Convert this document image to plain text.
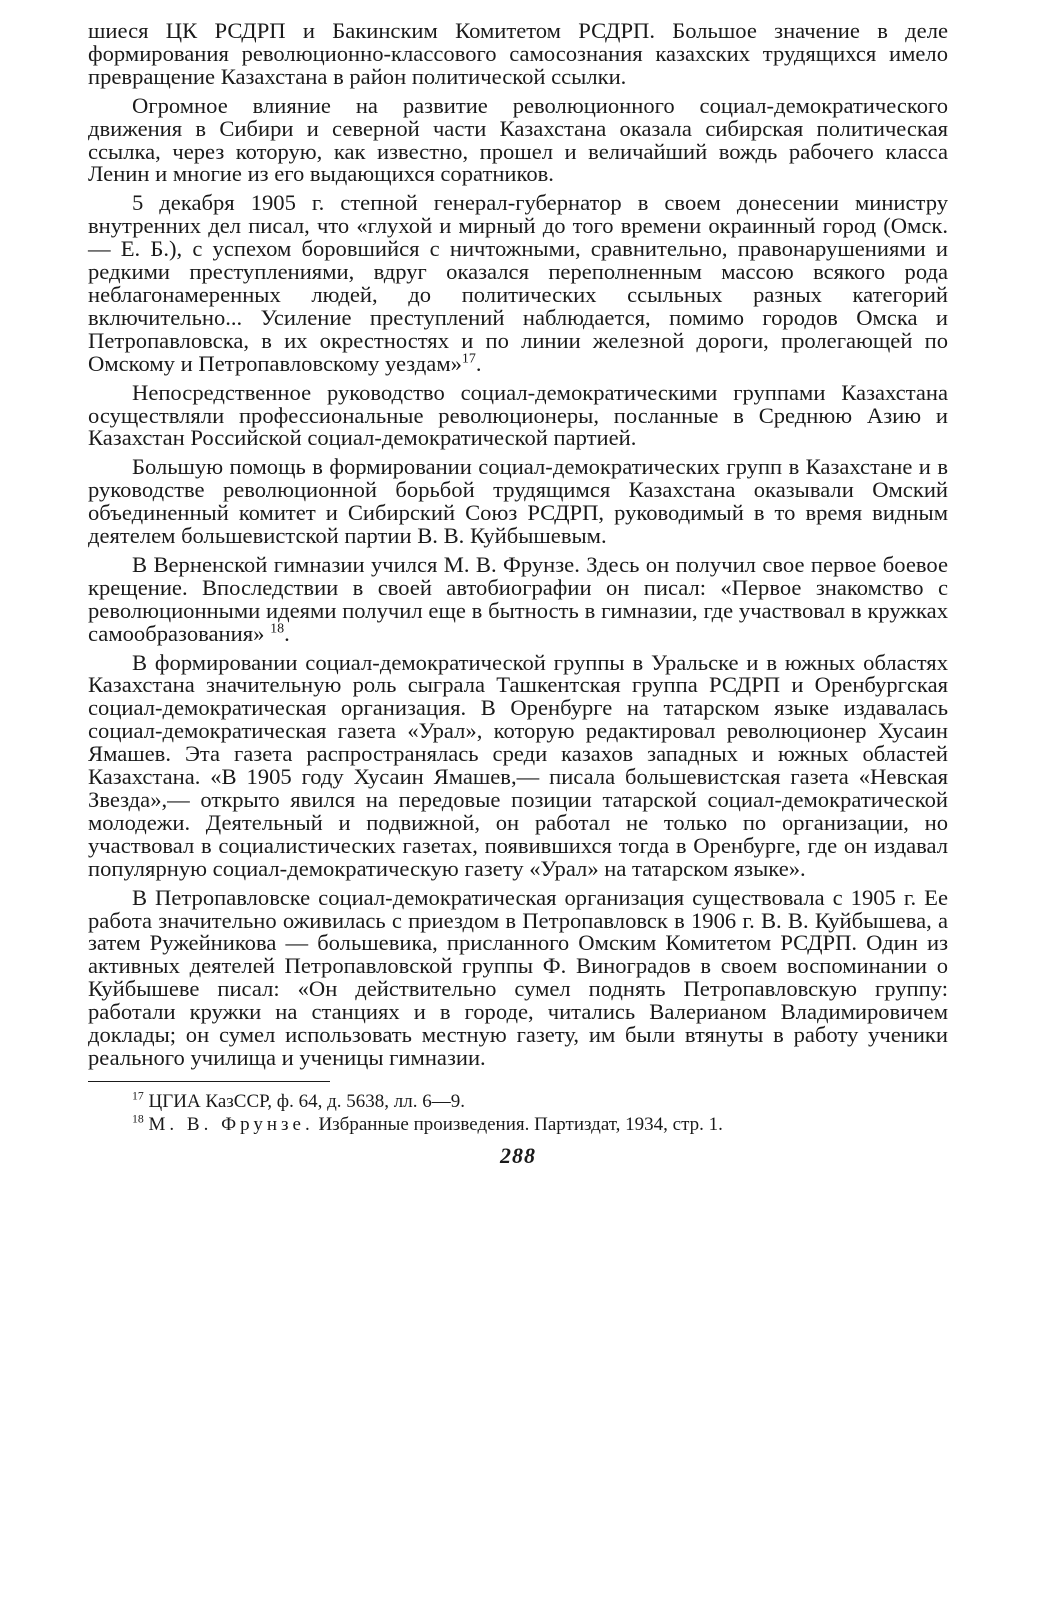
шиеся ЦК РСДРП и Бакинским Комитетом РСДРП. Большое значение в деле формирования революционно-классового самосознания казахских трудящихся имело превращение Казахстана в район политической ссылки.

Огромное влияние на развитие революционного социал-демократического движения в Сибири и северной части Казахстана оказала сибирская политическая ссылка, через которую, как известно, прошел и величайший вождь рабочего класса Ленин и многие из его выдающихся соратников.

5 декабря 1905 г. степной генерал-губернатор в своем донесении министру внутренних дел писал, что «глухой и мирный до того времени окраинный город (Омск.— Е. Б.), с успехом боровшийся с ничтожными, сравнительно, правонарушениями и редкими преступлениями, вдруг оказался переполненным массою всякого рода неблагонамеренных людей, до политических ссыльных разных категорий включительно... Усиление преступлений наблюдается, помимо городов Омска и Петропавловска, в их окрестностях и по линии железной дороги, пролегающей по Омскому и Петропавловскому уездам»$^{17}$.

Непосредственное руководство социал-демократическими группами Казахстана осуществляли профессиональные революционеры, посланные в Среднюю Азию и Казахстан Российской социал-демократической партией.

Большую помощь в формировании социал-демократических групп в Казахстане и в руководстве революционной борьбой трудящимся Казахстана оказывали Омский объединенный комитет и Сибирский Союз РСДРП, руководимый в то время видным деятелем большевистской партии В. В. Куйбышевым.

В Верненской гимназии учился М. В. Фрунзе. Здесь он получил свое первое боевое крещение. Впоследствии в своей автобиографии он писал: «Первое знакомство с революционными идеями получил еще в бытность в гимназии, где участвовал в кружках самообразования» $^{18}$.

В формировании социал-демократической группы в Уральске и в южных областях Казахстана значительную роль сыграла Ташкентская группа РСДРП и Оренбургская социал-демократическая организация. В Оренбурге на татарском языке издавалась социал-демократическая газета «Урал», которую редактировал революционер Хусаин Ямашев. Эта газета распространялась среди казахов западных и южных областей Казахстана. «В 1905 году Хусаин Ямашев,— писала большевистская газета «Невская Звезда»,— открыто явился на передовые позиции татарской социал-демократической молодежи. Деятельный и подвижной, он работал не только по организации, но участвовал в социалистических газетах, появившихся тогда в Оренбурге, где он издавал популярную социал-демократическую газету «Урал» на татарском языке».

В Петропавловске социал-демократическая организация существовала с 1905 г. Ее работа значительно оживилась с приездом в Петропавловск в 1906 г. В. В. Куйбышева, а затем Ружейникова — большевика, присланного Омским Комитетом РСДРП. Один из активных деятелей Петропавловской группы Ф. Виноградов в своем воспоминании о Куйбышеве писал: «Он действительно сумел поднять Петропавловскую группу: работали кружки на станциях и в городе, читались Валерианом Владимировичем доклады; он сумел использовать местную газету, им были втянуты в работу ученики реального училища и ученицы гимназии.

$^{17}$ ЦГИА КазССР, ф. 64, д. 5638, лл. 6—9.

$^{18}$ М. В. Фрунзе. Избранные произведения. Партиздат, 1934, стр. 1.

288
